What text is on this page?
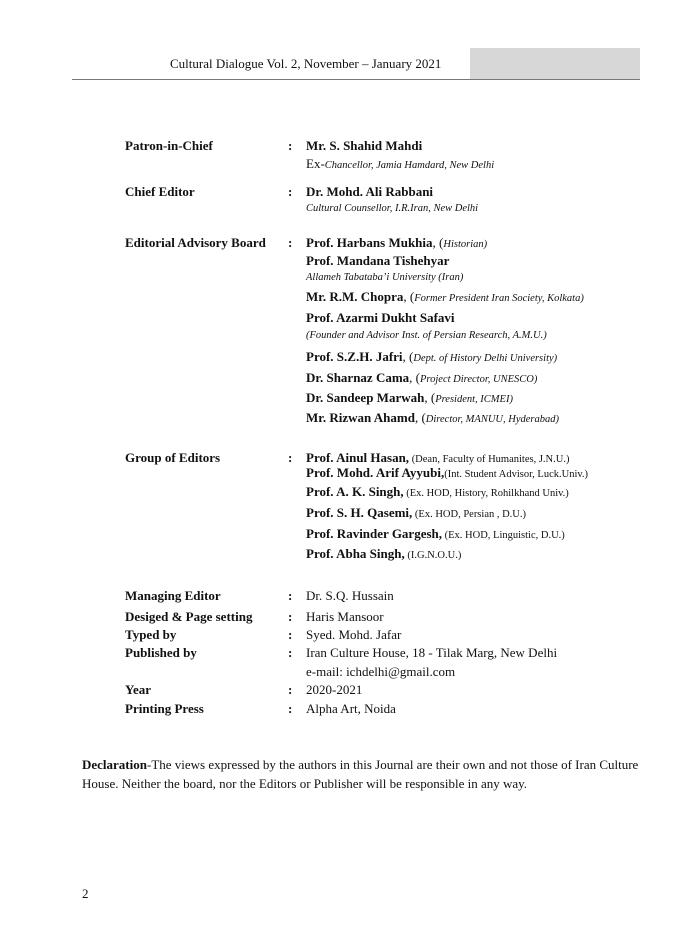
Cultural Dialogue Vol. 2, November – January 2021
Patron-in-Chief	: Mr. S. Shahid Mahdi
Ex-Chancellor, Jamia Hamdard, New Delhi
Chief Editor	: Dr. Mohd. Ali Rabbani
Cultural Counsellor, I.R.Iran, New Delhi
Editorial Advisory Board : Prof. Harbans Mukhia, (Historian)
Prof. Mandana Tishehyar
Allameh Tabataba’i University (Iran)
Mr. R.M. Chopra, (Former President Iran Society, Kolkata)
Prof. Azarmi Dukht Safavi
(Founder and Advisor Inst. of Persian Research, A.M.U.)
Prof. S.Z.H. Jafri, (Dept. of History Delhi University)
Dr. Sharnaz Cama, (Project Director, UNESCO)
Dr. Sandeep Marwah, (President, ICMEI)
Mr. Rizwan Ahamd, (Director, MANUU, Hyderabad)
Group of Editors	: Prof. Ainul Hasan, (Dean, Faculty of Humanites, J.N.U.)
Prof. Mohd. Arif Ayyubi,(Int. Student Advisor, Luck.Univ.)
Prof. A. K. Singh, (Ex. HOD, History, Rohilkhand Univ.)
Prof. S. H. Qasemi, (Ex. HOD, Persian , D.U.)
Prof. Ravinder Gargesh, (Ex. HOD, Linguistic, D.U.)
Prof. Abha Singh, (I.G.N.O.U.)
Managing Editor	: Dr. S.Q. Hussain
Desiged & Page setting	: Haris Mansoor
Typed by	: Syed. Mohd. Jafar
Published by	: Iran Culture House, 18 - Tilak Marg, New Delhi
e-mail: ichdelhi@gmail.com
Year	: 2020-2021
Printing Press	: Alpha Art, Noida

Declaration-The views expressed by the authors in this Journal are their own and not those of Iran Culture House. Neither the board, nor the Editors or Publisher will be responsible in any way.

2
